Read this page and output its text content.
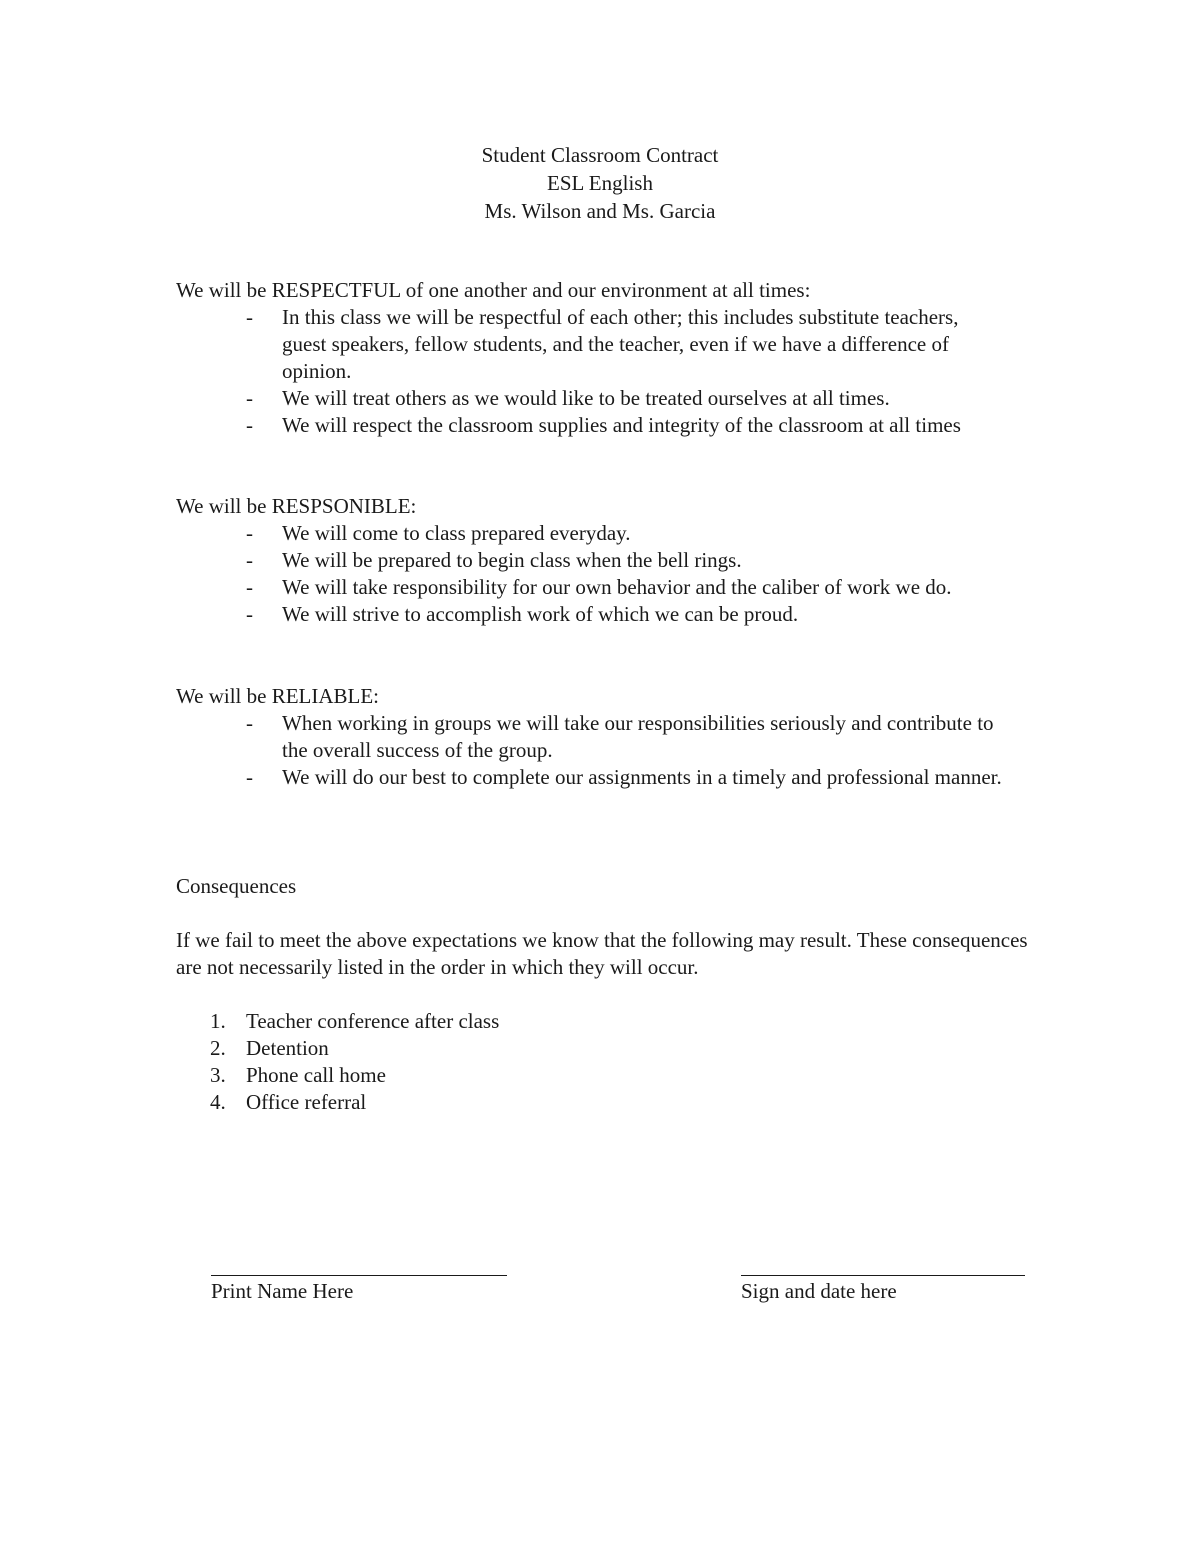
Student Classroom Contract
ESL English
Ms. Wilson and Ms. Garcia
We will be RESPECTFUL of one another and our environment at all times:
- In this class we will be respectful of each other; this includes substitute teachers, guest speakers, fellow students, and the teacher, even if we have a difference of opinion.
- We will treat others as we would like to be treated ourselves at all times.
- We will respect the classroom supplies and integrity of the classroom at all times
We will be RESPSONIBLE:
- We will come to class prepared everyday.
- We will be prepared to begin class when the bell rings.
- We will take responsibility for our own behavior and the caliber of work we do.
- We will strive to accomplish work of which we can be proud.
We will be RELIABLE:
- When working in groups we will take our responsibilities seriously and contribute to the overall success of the group.
- We will do our best to complete our assignments in a timely and professional manner.
Consequences
If we fail to meet the above expectations we know that the following may result. These consequences are not necessarily listed in the order in which they will occur.
1. Teacher conference after class
2. Detention
3. Phone call home
4. Office referral
Print Name Here	Sign and date here
